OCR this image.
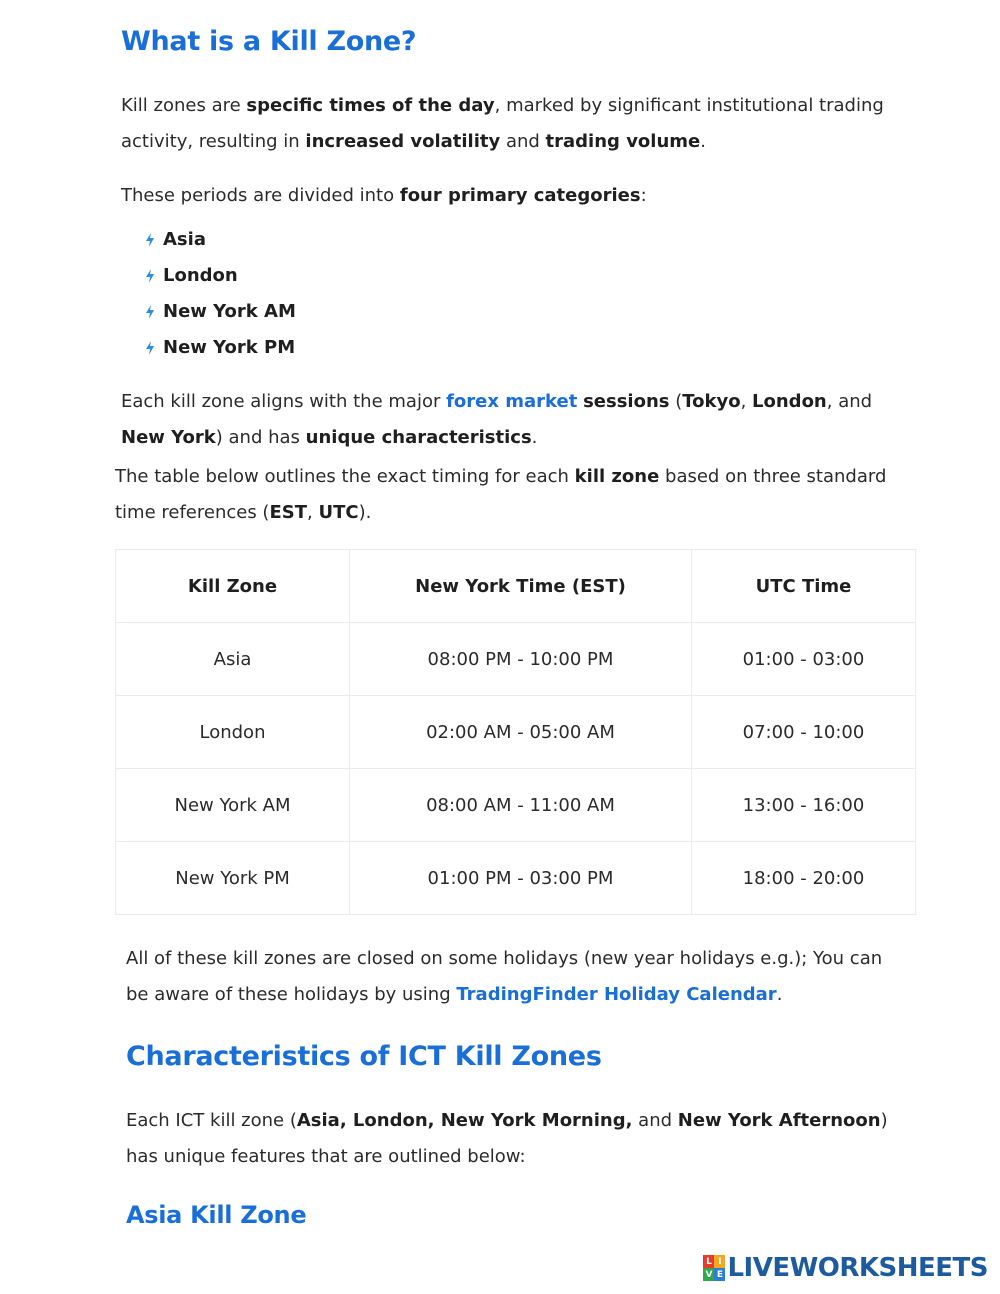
What is a Kill Zone?

Kill zones are specific times of the day, marked by significant institutional trading activity, resulting in increased volatility and trading volume.

These periods are divided into four primary categories:

Asia
London
New York AM
New York PM

Each kill zone aligns with the major forex market sessions (Tokyo, London, and New York) and has unique characteristics.

The table below outlines the exact timing for each kill zone based on three standard time references (EST, UTC).

Kill Zone	New York Time (EST)	UTC Time
Asia	08:00 PM - 10:00 PM	01:00 - 03:00
London	02:00 AM - 05:00 AM	07:00 - 10:00
New York AM	08:00 AM - 11:00 AM	13:00 - 16:00
New York PM	01:00 PM - 03:00 PM	18:00 - 20:00

All of these kill zones are closed on some holidays (new year holidays e.g.); You can be aware of these holidays by using TradingFinder Holiday Calendar.

Characteristics of ICT Kill Zones

Each ICT kill zone (Asia, London, New York Morning, and New York Afternoon) has unique features that are outlined below:

Asia Kill Zone
L I
V E LIVEWORKSHEETS
